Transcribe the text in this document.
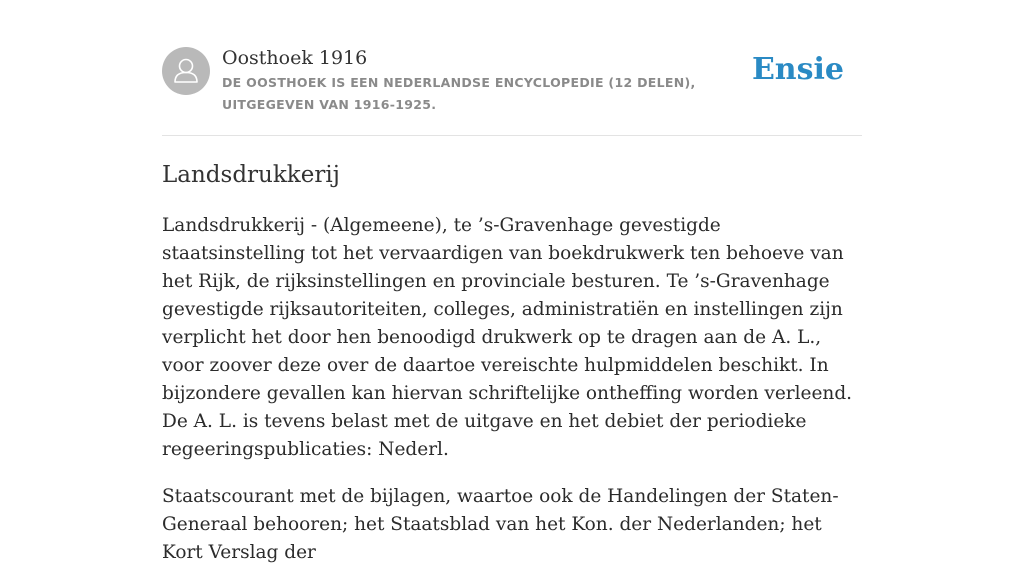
Oosthoek 1916
DE OOSTHOEK IS EEN NEDERLANDSE ENCYCLOPEDIE (12 DELEN), UITGEGEVEN VAN 1916-1925.
Ensie
Landsdrukkerij

Landsdrukkerij - (Algemeene), te ’s-Gravenhage gevestigde staatsinstelling tot het vervaardigen van boekdrukwerk ten behoeve van het Rijk, de rijksinstellingen en provinciale besturen. Te ’s-Gravenhage gevestigde rijksautoriteiten, colleges, administratiën en instellingen zijn verplicht het door hen benoodigd drukwerk op te dragen aan de A. L., voor zoover deze over de daartoe vereischte hulpmiddelen beschikt. In bijzondere gevallen kan hiervan schriftelijke ontheffing worden verleend. De A. L. is tevens belast met de uitgave en het debiet der periodieke regeeringspublicaties: Nederl.

Staatscourant met de bijlagen, waartoe ook de Handelingen der Staten-Generaal behooren; het Staatsblad van het Kon. der Nederlanden; het Kort Verslag der
